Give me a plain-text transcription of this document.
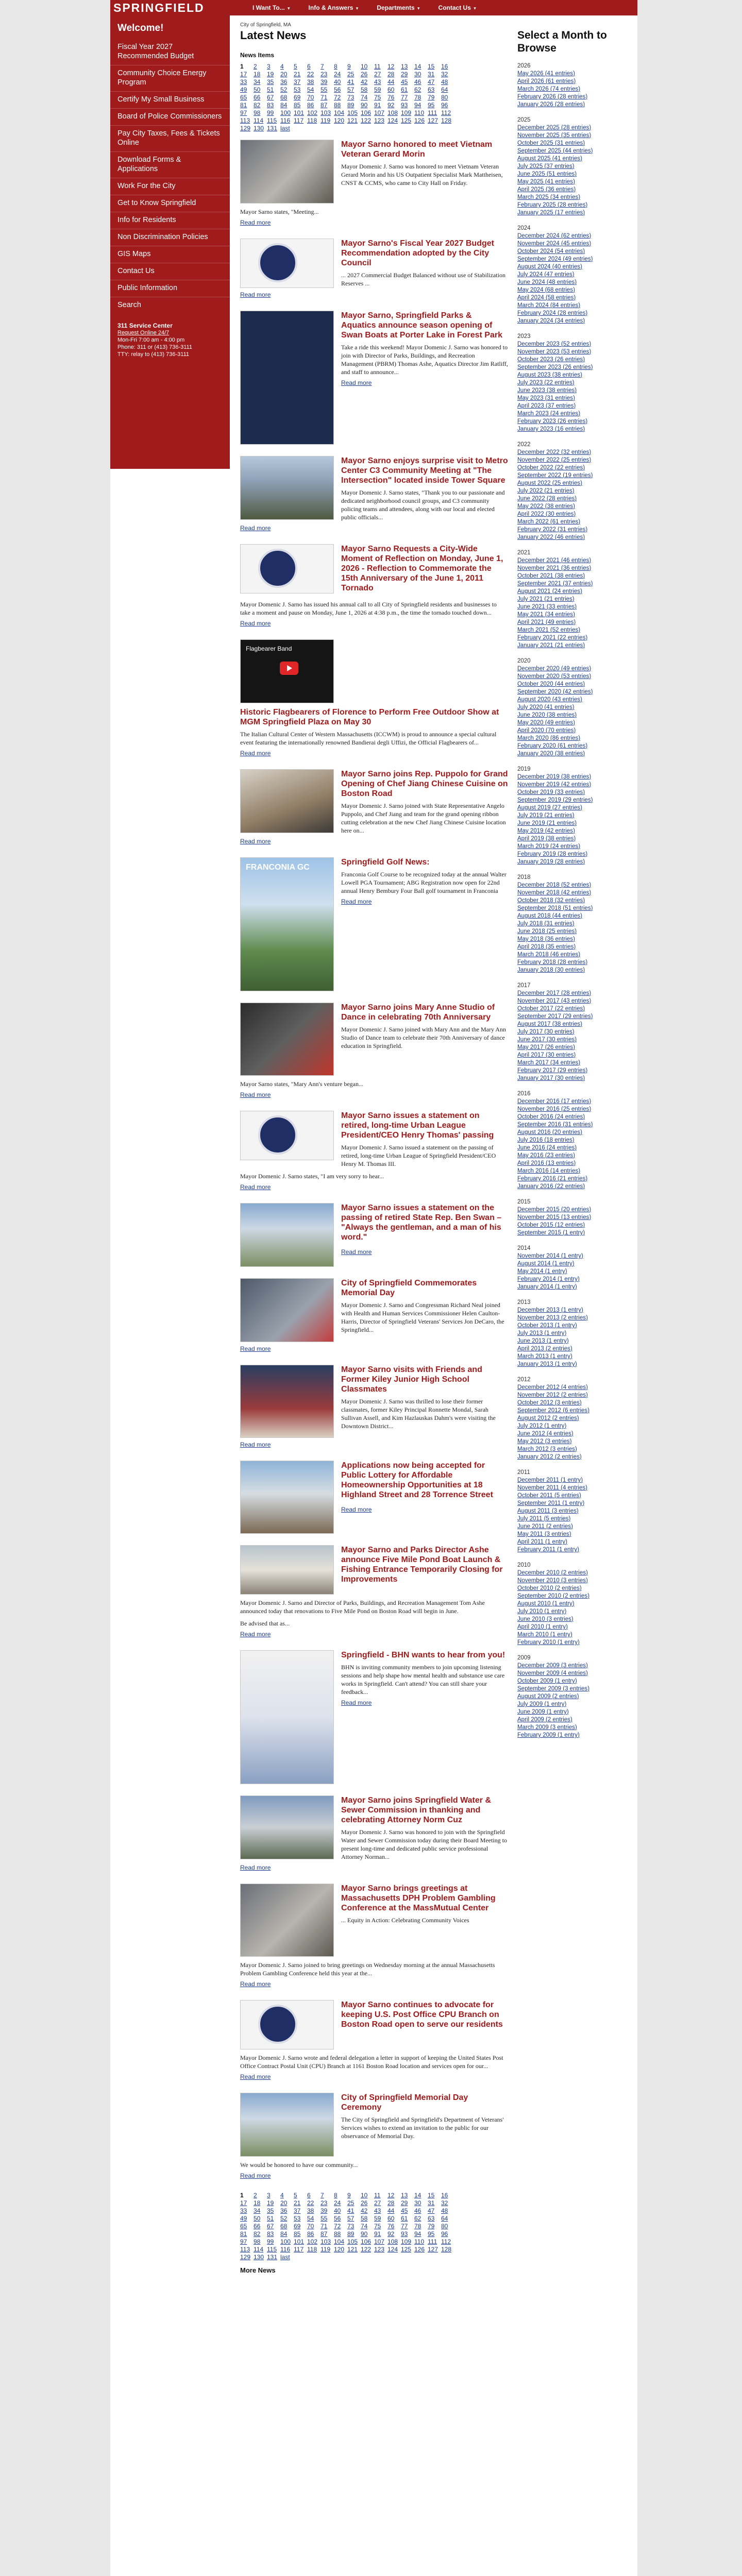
SPRINGFIELD	I Want To... ▾	Info & Answers ▾	Departments ▾	Contact Us ▾
Welcome!
Fiscal Year 2027 Recommended Budget
Community Choice Energy Program
Certify My Small Business
Board of Police Commissioners
Pay City Taxes, Fees & Tickets Online
Download Forms & Applications
Work For the City
Get to Know Springfield
Info for Residents
Non Discrimination Policies
GIS Maps
Contact Us
Public Information
Search
311 Service Center
Request Online 24/7
Mon-Fri 7:00 am - 4:00 pm
Phone: 311 or (413) 736-3111
TTY: relay to (413) 736-3111
City of Springfield, MA
Latest News
News Items
1 2 3 4 5 6 7 8 9 10 11 12 13 14 15 16
17 18 19 20 21 22 23 24 25 26 27 28 29 30 31 32
33 34 35 36 37 38 39 40 41 42 43 44 45 46 47 48
49 50 51 52 53 54 55 56 57 58 59 60 61 62 63 64
65 66 67 68 69 70 71 72 73 74 75 76 77 78 79 80
81 82 83 84 85 86 87 88 89 90 91 92 93 94 95 96
97 98 99 100 101 102 103 104 105 106 107 108 109 110 111 112
113 114 115 116 117 118 119 120 121 122 123 124 125 126 127 128
129 130 131 last
Mayor Sarno honored to meet Vietnam Veteran Gerard Morin
Mayor Domenic J. Sarno was honored to meet Vietnam Veteran Gerard Morin and his US Outpatient Specialist Mark Mattheisen, CNST & CCMS, who came to City Hall on Friday.
Mayor Sarno states, "Meeting...
Read more
Mayor Sarno's Fiscal Year 2027 Budget Recommendation adopted by the City Council
... 2027 Commercial Budget Balanced without use of Stabilization Reserves ...
Read more
Mayor Sarno, Springfield Parks & Aquatics announce season opening of Swan Boats at Porter Lake in Forest Park
Take a ride this weekend! Mayor Domenic J. Sarno was honored to join with Director of Parks, Buildings, and Recreation Management (PBRM) Thomas Ashe, Aquatics Director Jim Ratliff, and staff to announce...
Read more
Mayor Sarno enjoys surprise visit to Metro Center C3 Community Meeting at "The Intersection" located inside Tower Square
Mayor Domenic J. Sarno states, "Thank you to our passionate and dedicated neighborhood council groups, and C3 community policing teams and attendees, along with our local and elected public officials...
Read more
Mayor Sarno Requests a City-Wide Moment of Reflection on Monday, June 1, 2026 - Reflection to Commemorate the 15th Anniversary of the June 1, 2011 Tornado
Mayor Domenic J. Sarno has issued his annual call to all City of Springfield residents and businesses to take a moment and pause on Monday, June 1, 2026 at 4:38 p.m., the time the tornado touched down...
Read more
Flagbearer Band
Historic Flagbearers of Florence to Perform Free Outdoor Show at MGM Springfield Plaza on May 30
The Italian Cultural Center of Western Massachusetts (ICCWM) is proud to announce a special cultural event featuring the internationally renowned Bandierai degli Uffizi, the Official Flagbearers of...
Read more
Mayor Sarno joins Rep. Puppolo for Grand Opening of Chef Jiang Chinese Cuisine on Boston Road
Mayor Domenic J. Sarno joined with State Representative Angelo Puppolo, and Chef Jiang and team for the grand opening ribbon cutting celebration at the new Chef Jiang Chinese Cuisine location here on...
Read more
FRANCONIA GC
Springfield Golf News:
Franconia Golf Course to be recognized today at the annual Walter Lowell PGA Tournament; ABG Registration now open for 22nd annual Henry Bembury Four Ball golf tournament in Franconia
Read more
Mayor Sarno joins Mary Anne Studio of Dance in celebrating 70th Anniversary
Mayor Domenic J. Sarno joined with Mary Ann and the Mary Ann Studio of Dance team to celebrate their 70th Anniversary of dance education in Springfield.
Mayor Sarno states, "Mary Ann's venture began...
Read more
Mayor Sarno issues a statement on retired, long-time Urban League President/CEO Henry Thomas' passing
Mayor Domenic J. Sarno issued a statement on the passing of retired, long-time Urban League of Springfield President/CEO Henry M. Thomas III.
Mayor Domenic J. Sarno states, "I am very sorry to hear...
Read more
Mayor Sarno issues a statement on the passing of retired State Rep. Ben Swan – "Always the gentleman, and a man of his word."
Read more
City of Springfield Commemorates Memorial Day
Mayor Domenic J. Sarno and Congressman Richard Neal joined with Health and Human Services Commissioner Helen Caulton-Harris, Director of Springfield Veterans' Services Jon DeCaro, the Springfield...
Read more
Mayor Sarno visits with Friends and Former Kiley Junior High School Classmates
Mayor Domenic J. Sarno was thrilled to lose their former classmates, former Kiley Principal Ronnette Mondal, Sarah Sullivan Assell, and Kim Hazlauskas Dahm's were visiting the Downtown District...
Read more
Applications now being accepted for Public Lottery for Affordable Homeownership Opportunities at 18 Highland Street and 28 Torrence Street
Read more
Mayor Sarno and Parks Director Ashe announce Five Mile Pond Boat Launch & Fishing Entrance Temporarily Closing for Improvements
Mayor Domenic J. Sarno and Director of Parks, Buildings, and Recreation Management Tom Ashe announced today that renovations to Five Mile Pond on Boston Road will begin in June.
Be advised that as...
Read more
Springfield - BHN wants to hear from you!
BHN is inviting community members to join upcoming listening sessions and help shape how mental health and substance use care works in Springfield. Can't attend? You can still share your feedback...
Read more
Mayor Sarno joins Springfield Water & Sewer Commission in thanking and celebrating Attorney Norm Cuz
Mayor Domenic J. Sarno was honored to join with the Springfield Water and Sewer Commission today during their Board Meeting to present long-time and dedicated public service professional Attorney Norman...
Read more
Mayor Sarno brings greetings at Massachusetts DPH Problem Gambling Conference at the MassMutual Center
... Equity in Action: Celebrating Community Voices
Mayor Domenic J. Sarno joined to bring greetings on Wednesday morning at the annual Massachusetts Problem Gambling Conference held this year at the...
Read more
Mayor Sarno continues to advocate for keeping U.S. Post Office CPU Branch on Boston Road open to serve our residents
Mayor Domenic J. Sarno wrote and federal delegation a letter in support of keeping the United States Post Office Contract Postal Unit (CPU) Branch at 1161 Boston Road location and services open for our...
Read more
City of Springfield Memorial Day Ceremony
The City of Springfield and Springfield's Department of Veterans' Services wishes to extend an invitation to the public for our observance of Memorial Day.
We would be honored to have our community...
Read more
1 2 3 4 5 6 7 8 9 10 11 12 13 14 15 16
17 18 19 20 21 22 23 24 25 26 27 28 29 30 31 32
33 34 35 36 37 38 39 40 41 42 43 44 45 46 47 48
49 50 51 52 53 54 55 56 57 58 59 60 61 62 63 64
65 66 67 68 69 70 71 72 73 74 75 76 77 78 79 80
81 82 83 84 85 86 87 88 89 90 91 92 93 94 95 96
97 98 99 100 101 102 103 104 105 106 107 108 109 110 111 112
113 114 115 116 117 118 119 120 121 122 123 124 125 126 127 128
129 130 131 last
More News
Select a Month to Browse
2026
May 2026 (41 entries)
April 2026 (61 entries)
March 2026 (74 entries)
February 2026 (28 entries)
January 2026 (28 entries)
2025
December 2025 (28 entries)
November 2025 (35 entries)
October 2025 (31 entries)
September 2025 (44 entries)
August 2025 (41 entries)
July 2025 (37 entries)
June 2025 (51 entries)
May 2025 (41 entries)
April 2025 (36 entries)
March 2025 (34 entries)
February 2025 (28 entries)
January 2025 (17 entries)
2024
December 2024 (62 entries)
November 2024 (45 entries)
October 2024 (54 entries)
September 2024 (49 entries)
August 2024 (40 entries)
July 2024 (47 entries)
June 2024 (48 entries)
May 2024 (68 entries)
April 2024 (58 entries)
March 2024 (84 entries)
February 2024 (28 entries)
January 2024 (34 entries)
2023
December 2023 (52 entries)
November 2023 (53 entries)
October 2023 (26 entries)
September 2023 (26 entries)
August 2023 (38 entries)
July 2023 (22 entries)
June 2023 (38 entries)
May 2023 (31 entries)
April 2023 (37 entries)
March 2023 (24 entries)
February 2023 (26 entries)
January 2023 (16 entries)
2022
December 2022 (32 entries)
November 2022 (25 entries)
October 2022 (22 entries)
September 2022 (19 entries)
August 2022 (25 entries)
July 2022 (21 entries)
June 2022 (28 entries)
May 2022 (38 entries)
April 2022 (30 entries)
March 2022 (61 entries)
February 2022 (31 entries)
January 2022 (46 entries)
2021
December 2021 (46 entries)
November 2021 (36 entries)
October 2021 (38 entries)
September 2021 (37 entries)
August 2021 (24 entries)
July 2021 (21 entries)
June 2021 (33 entries)
May 2021 (34 entries)
April 2021 (49 entries)
March 2021 (52 entries)
February 2021 (22 entries)
January 2021 (21 entries)
2020
December 2020 (49 entries)
November 2020 (53 entries)
October 2020 (44 entries)
September 2020 (42 entries)
August 2020 (43 entries)
July 2020 (41 entries)
June 2020 (38 entries)
May 2020 (49 entries)
April 2020 (70 entries)
March 2020 (86 entries)
February 2020 (61 entries)
January 2020 (38 entries)
2019
December 2019 (38 entries)
November 2019 (42 entries)
October 2019 (33 entries)
September 2019 (29 entries)
August 2019 (27 entries)
July 2019 (21 entries)
June 2019 (21 entries)
May 2019 (42 entries)
April 2019 (38 entries)
March 2019 (24 entries)
February 2019 (28 entries)
January 2019 (28 entries)
2018
December 2018 (52 entries)
November 2018 (42 entries)
October 2018 (32 entries)
September 2018 (51 entries)
August 2018 (44 entries)
July 2018 (31 entries)
June 2018 (25 entries)
May 2018 (36 entries)
April 2018 (35 entries)
March 2018 (46 entries)
February 2018 (28 entries)
January 2018 (30 entries)
2017
December 2017 (28 entries)
November 2017 (43 entries)
October 2017 (22 entries)
September 2017 (29 entries)
August 2017 (38 entries)
July 2017 (30 entries)
June 2017 (30 entries)
May 2017 (26 entries)
April 2017 (30 entries)
March 2017 (34 entries)
February 2017 (29 entries)
January 2017 (30 entries)
2016
December 2016 (17 entries)
November 2016 (25 entries)
October 2016 (24 entries)
September 2016 (31 entries)
August 2016 (20 entries)
July 2016 (18 entries)
June 2016 (24 entries)
May 2016 (23 entries)
April 2016 (13 entries)
March 2016 (14 entries)
February 2016 (21 entries)
January 2016 (22 entries)
2015
December 2015 (20 entries)
November 2015 (13 entries)
October 2015 (12 entries)
September 2015 (1 entry)
2014
November 2014 (1 entry)
August 2014 (1 entry)
May 2014 (1 entry)
February 2014 (1 entry)
January 2014 (1 entry)
2013
December 2013 (1 entry)
November 2013 (2 entries)
October 2013 (1 entry)
July 2013 (1 entry)
June 2013 (1 entry)
April 2013 (2 entries)
March 2013 (1 entry)
January 2013 (1 entry)
2012
December 2012 (4 entries)
November 2012 (2 entries)
October 2012 (3 entries)
September 2012 (6 entries)
August 2012 (2 entries)
July 2012 (1 entry)
June 2012 (4 entries)
May 2012 (3 entries)
March 2012 (3 entries)
January 2012 (2 entries)
2011
December 2011 (1 entry)
November 2011 (4 entries)
October 2011 (5 entries)
September 2011 (1 entry)
August 2011 (3 entries)
July 2011 (5 entries)
June 2011 (2 entries)
May 2011 (3 entries)
April 2011 (1 entry)
February 2011 (1 entry)
2010
December 2010 (2 entries)
November 2010 (3 entries)
October 2010 (2 entries)
September 2010 (2 entries)
August 2010 (1 entry)
July 2010 (1 entry)
June 2010 (3 entries)
April 2010 (1 entry)
March 2010 (1 entry)
February 2010 (1 entry)
2009
December 2009 (3 entries)
November 2009 (4 entries)
October 2009 (1 entry)
September 2009 (3 entries)
August 2009 (2 entries)
July 2009 (1 entry)
June 2009 (1 entry)
April 2009 (2 entries)
March 2009 (3 entries)
February 2009 (1 entry)
